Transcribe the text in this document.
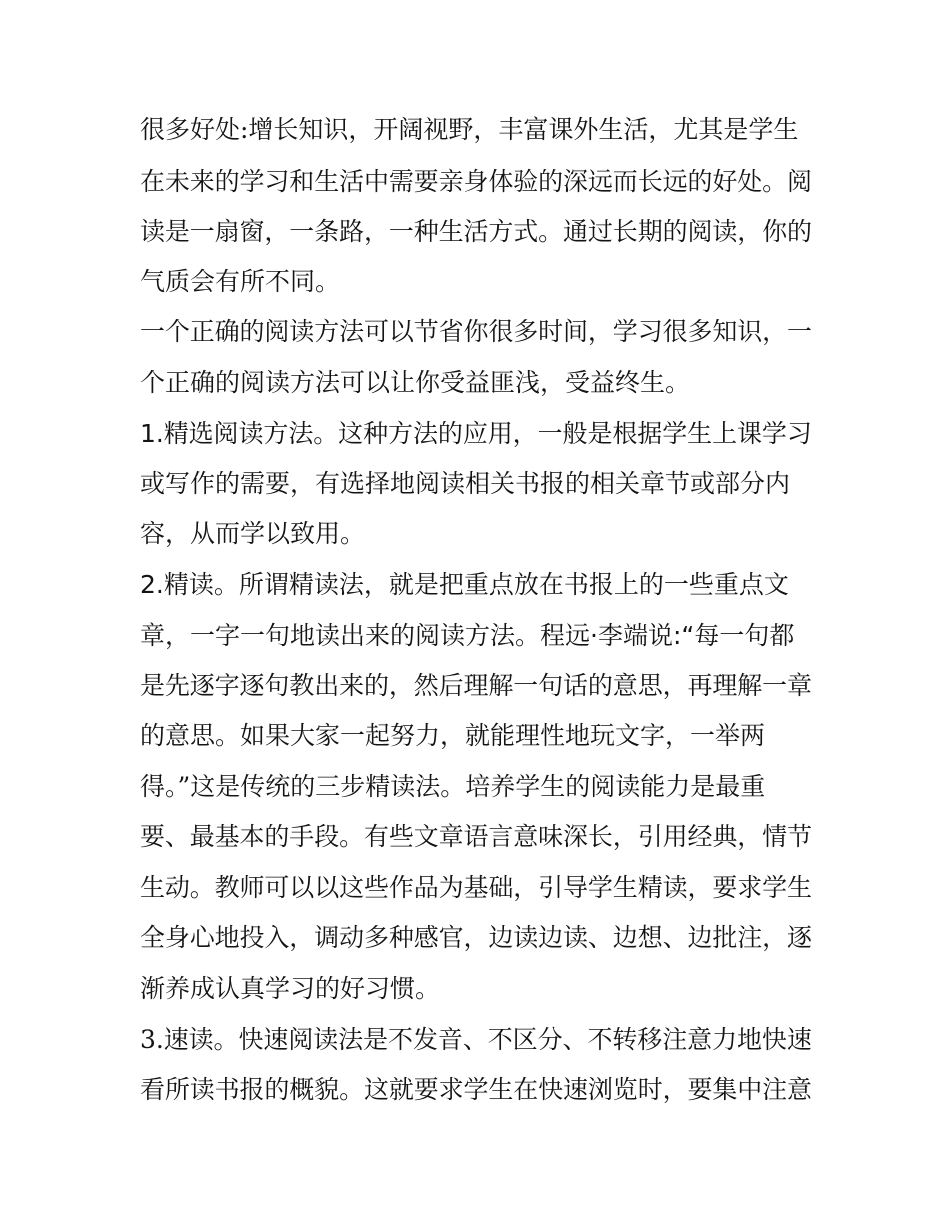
很多好处:增长知识，开阔视野，丰富课外生活，尤其是学生
在未来的学习和生活中需要亲身体验的深远而长远的好处。阅
读是一扇窗，一条路，一种生活方式。通过长期的阅读，你的
气质会有所不同。
一个正确的阅读方法可以节省你很多时间，学习很多知识，一
个正确的阅读方法可以让你受益匪浅，受益终生。
1.精选阅读方法。这种方法的应用，一般是根据学生上课学习
或写作的需要，有选择地阅读相关书报的相关章节或部分内
容，从而学以致用。
2.精读。所谓精读法，就是把重点放在书报上的一些重点文
章，一字一句地读出来的阅读方法。程远·李端说:“每一句都
是先逐字逐句教出来的，然后理解一句话的意思，再理解一章
的意思。如果大家一起努力，就能理性地玩文字，一举两
得。”这是传统的三步精读法。培养学生的阅读能力是最重
要、最基本的手段。有些文章语言意味深长，引用经典，情节
生动。教师可以以这些作品为基础，引导学生精读，要求学生
全身心地投入，调动多种感官，边读边读、边想、边批注，逐
渐养成认真学习的好习惯。
3.速读。快速阅读法是不发音、不区分、不转移注意力地快速
看所读书报的概貌。这就要求学生在快速浏览时，要集中注意
